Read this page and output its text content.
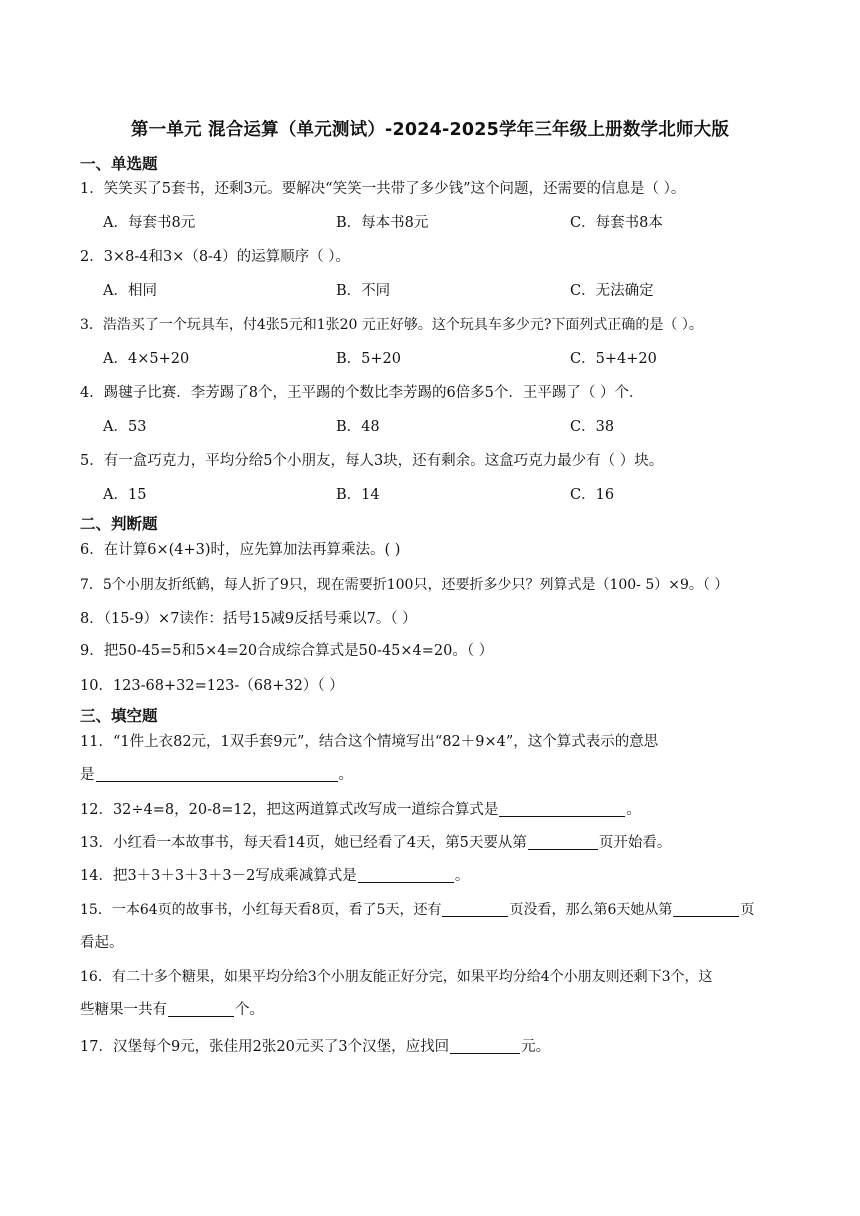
第一单元 混合运算（单元测试）-2024-2025学年三年级上册数学北师大版
一、单选题
1．笑笑买了5套书，还剩3元。要解决“笑笑一共带了多少钱”这个问题，还需要的信息是（ ）。
A．每套书8元	B．每本书8元	C．每套书8本
2．3×8-4和3×（8-4）的运算顺序（ ）。
A．相同	B．不同	C．无法确定
3．浩浩买了一个玩具车，付4张5元和1张20 元正好够。这个玩具车多少元?下面列式正确的是（ ）。
A．4×5+20	B．5+20	C．5+4+20
4．踢毽子比赛．李芳踢了8个，王平踢的个数比李芳踢的6倍多5个．王平踢了（ ）个．
A．53	B．48	C．38
5．有一盒巧克力，平均分给5个小朋友，每人3块，还有剩余。这盒巧克力最少有（ ）块。
A．15	B．14	C．16
二、判断题
6．在计算6×(4+3)时，应先算加法再算乘法。( )
7．5个小朋友折纸鹤，每人折了9只，现在需要折100只，还要折多少只？列算式是（100- 5）×9。（ ）
8．（15-9）×7读作：括号15减9反括号乘以7。（ ）
9．把50-45=5和5×4=20合成综合算式是50-45×4=20。（ ）
10．123-68+32=123-（68+32）（ ）
三、填空题
11．“1件上衣82元，1双手套9元”，结合这个情境写出“82＋9×4”，这个算式表示的意思
是	。
12．32÷4=8，20-8=12，把这两道算式改写成一道综合算式是	。
13．小红看一本故事书，每天看14页，她已经看了4天，第5天要从第	页开始看。
14．把3＋3＋3＋3＋3－2写成乘减算式是	。
15．一本64页的故事书，小红每天看8页，看了5天，还有	页没看，那么第6天她从第	页
看起。
16．有二十多个糖果，如果平均分给3个小朋友能正好分完，如果平均分给4个小朋友则还剩下3个，这
些糖果一共有	个。
17．汉堡每个9元，张佳用2张20元买了3个汉堡，应找回	元。
